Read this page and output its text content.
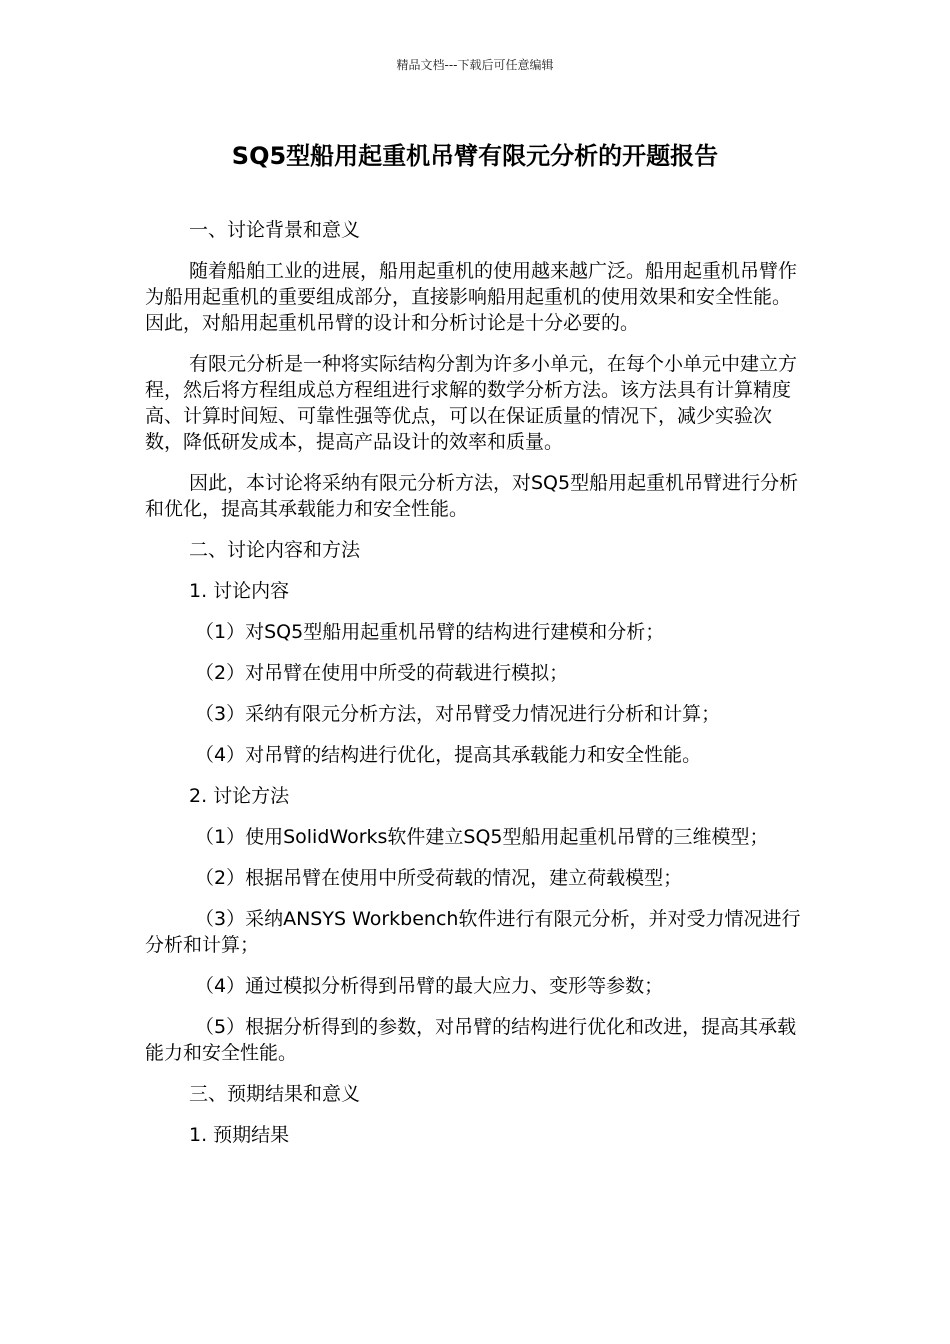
精品文档---下载后可任意编辑
SQ5型船用起重机吊臂有限元分析的开题报告

一、讨论背景和意义

随着船舶工业的进展，船用起重机的使用越来越广泛。船用起重机吊臂作为船用起重机的重要组成部分，直接影响船用起重机的使用效果和安全性能。因此，对船用起重机吊臂的设计和分析讨论是十分必要的。

有限元分析是一种将实际结构分割为许多小单元，在每个小单元中建立方程，然后将方程组成总方程组进行求解的数学分析方法。该方法具有计算精度高、计算时间短、可靠性强等优点，可以在保证质量的情况下，减少实验次数，降低研发成本，提高产品设计的效率和质量。

因此，本讨论将采纳有限元分析方法，对SQ5型船用起重机吊臂进行分析和优化，提高其承载能力和安全性能。

二、讨论内容和方法

1. 讨论内容

（1）对SQ5型船用起重机吊臂的结构进行建模和分析；

（2）对吊臂在使用中所受的荷载进行模拟；

（3）采纳有限元分析方法，对吊臂受力情况进行分析和计算；

（4）对吊臂的结构进行优化，提高其承载能力和安全性能。

2. 讨论方法

（1）使用SolidWorks软件建立SQ5型船用起重机吊臂的三维模型；

（2）根据吊臂在使用中所受荷载的情况，建立荷载模型；

（3）采纳ANSYS Workbench软件进行有限元分析，并对受力情况进行分析和计算；

（4）通过模拟分析得到吊臂的最大应力、变形等参数；

（5）根据分析得到的参数，对吊臂的结构进行优化和改进，提高其承载能力和安全性能。

三、预期结果和意义

1. 预期结果
